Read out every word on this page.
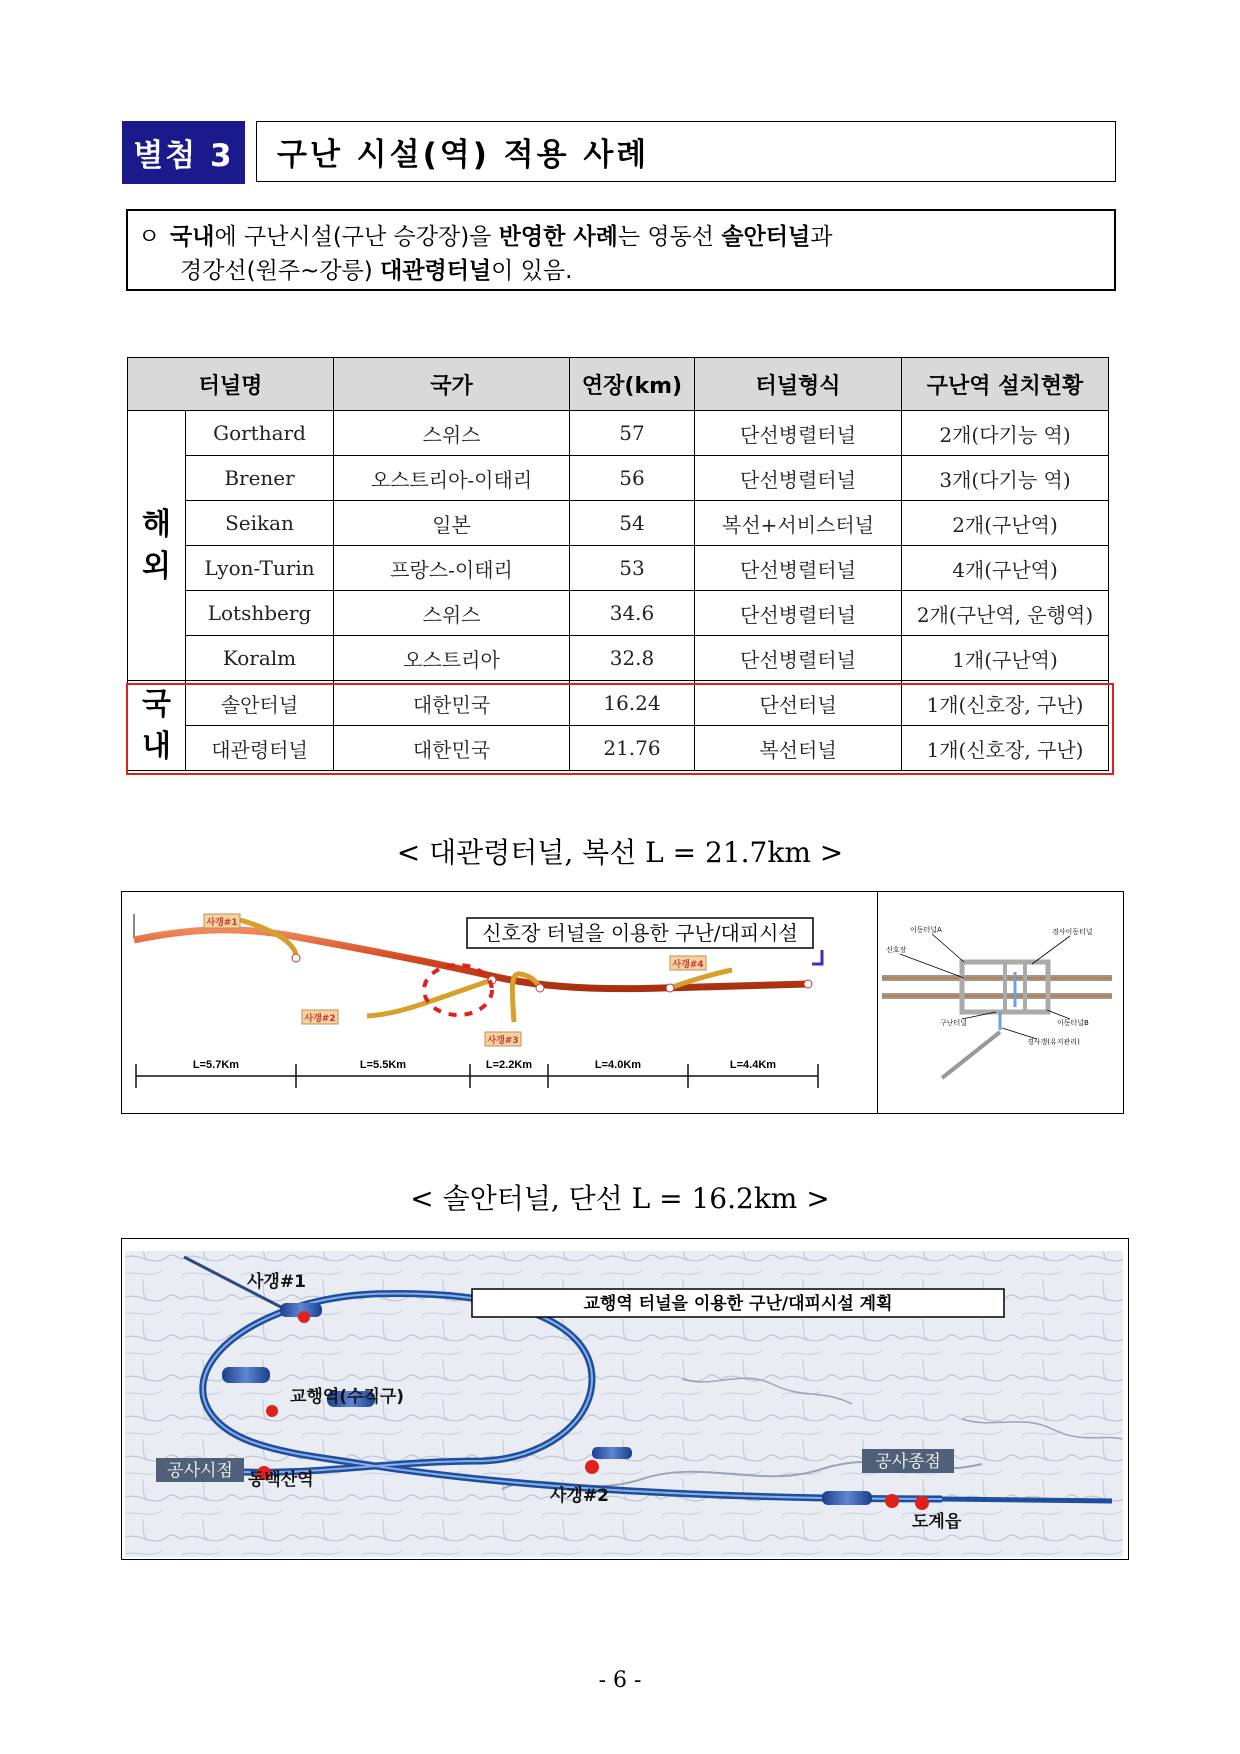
별첨 3	구난 시설(역) 적용 사례
ㅇ 국내에 구난시설(구난 승강장)을 반영한 사례는 영동선 솔안터널과
경강선(원주~강릉) 대관령터널이 있음.
터널명		국가	연장(km)	터널형식	구난역 설치현황

해
외	Gorthard	스위스	57	단선병렬터널	2개(다기능 역)
	Brener	오스트리아-이태리	56	단선병렬터널	3개(다기능 역)
	Seikan	일본	54	복선+서비스터널	2개(구난역)
	Lyon-Turin	프랑스-이태리	53	단선병렬터널	4개(구난역)
	Lotshberg	스위스	34.6	단선병렬터널	2개(구난역, 운행역)
	Koralm	오스트리아	32.8	단선병렬터널	1개(구난역)

국
내	솔안터널	대한민국	16.24	단선터널	1개(신호장, 구난)
	대관령터널	대한민국	21.76	복선터널	1개(신호장, 구난)
< 대관령터널, 복선 L = 21.7km >
사갱#1
사갱#2
사갱#3
사갱#4
L=5.7Km	L=5.5Km	L=2.2Km	L=4.0Km	L=4.4Km
신호장 터널을 이용한 구난/대피시설	이동터널A	경사이동터널
신호장
구난터널	이동터널B
경사갱(유지관리)
< 솔안터널, 단선 L = 16.2km >
사갱#1
교행역(수직구)
공사시점 동백산역
사갱#2
공사종점
도계읍
교행역 터널을 이용한 구난/대피시설 계획
- 6 -
